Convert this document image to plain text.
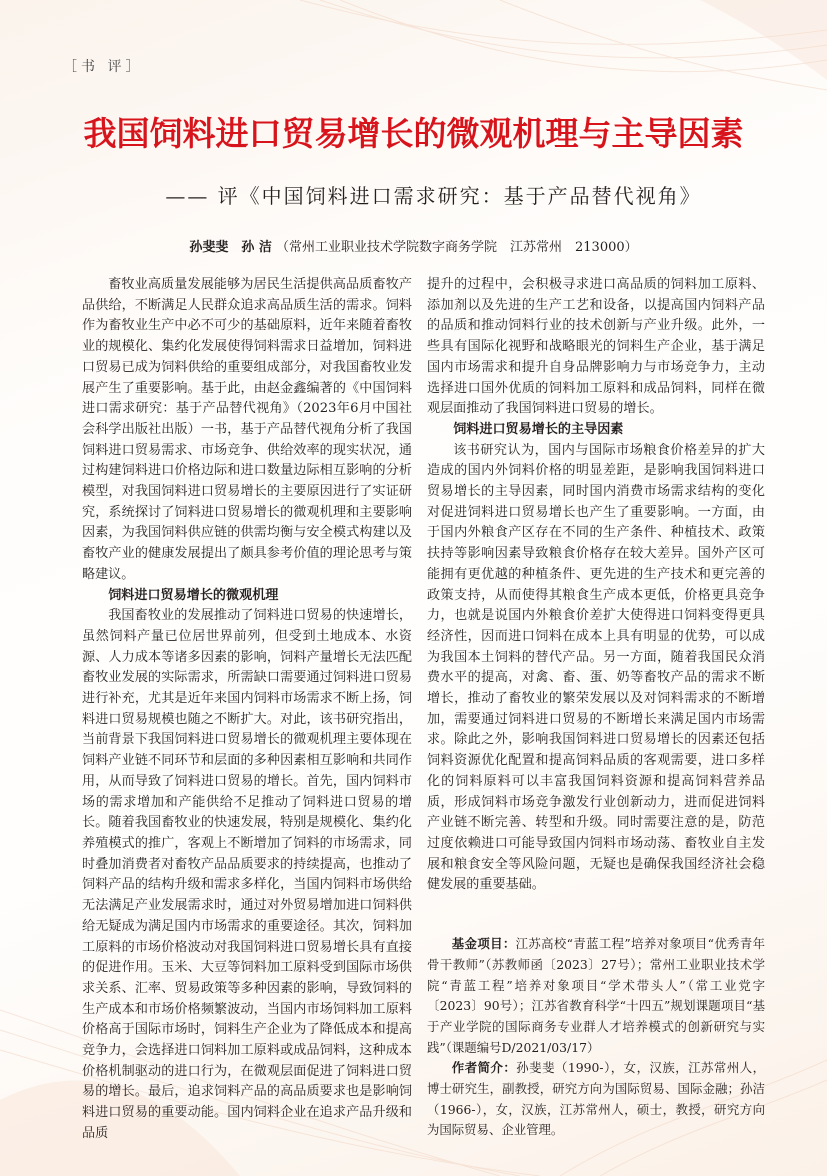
［书 评］
我国饲料进口贸易增长的微观机理与主导因素
—— 评《中国饲料进口需求研究：基于产品替代视角》
孙斐斐　孙 洁 （常州工业职业技术学院数字商务学院　江苏常州　213000）

畜牧业高质量发展能够为居民生活提供高品质畜牧产品供给，不断满足人民群众追求高品质生活的需求。饲料作为畜牧业生产中必不可少的基础原料，近年来随着畜牧业的规模化、集约化发展使得饲料需求日益增加，饲料进口贸易已成为饲料供给的重要组成部分，对我国畜牧业发展产生了重要影响。基于此，由赵金鑫编著的《中国饲料进口需求研究：基于产品替代视角》（2023年6月中国社会科学出版社出版）一书，基于产品替代视角分析了我国饲料进口贸易需求、市场竞争、供给效率的现实状况，通过构建饲料进口价格边际和进口数量边际相互影响的分析模型，对我国饲料进口贸易增长的主要原因进行了实证研究，系统探讨了饲料进口贸易增长的微观机理和主要影响因素，为我国饲料供应链的供需均衡与安全模式构建以及畜牧产业的健康发展提出了颇具参考价值的理论思考与策略建议。

饲料进口贸易增长的微观机理

我国畜牧业的发展推动了饲料进口贸易的快速增长，虽然饲料产量已位居世界前列，但受到土地成本、水资源、人力成本等诸多因素的影响，饲料产量增长无法匹配畜牧业发展的实际需求，所需缺口需要通过饲料进口贸易进行补充，尤其是近年来国内饲料市场需求不断上扬，饲料进口贸易规模也随之不断扩大。对此，该书研究指出，当前背景下我国饲料进口贸易增长的微观机理主要体现在饲料产业链不同环节和层面的多种因素相互影响和共同作用，从而导致了饲料进口贸易的增长。首先，国内饲料市场的需求增加和产能供给不足推动了饲料进口贸易的增长。随着我国畜牧业的快速发展，特别是规模化、集约化养殖模式的推广，客观上不断增加了饲料的市场需求，同时叠加消费者对畜牧产品品质要求的持续提高，也推动了饲料产品的结构升级和需求多样化，当国内饲料市场供给无法满足产业发展需求时，通过对外贸易增加进口饲料供给无疑成为满足国内市场需求的重要途径。其次，饲料加工原料的市场价格波动对我国饲料进口贸易增长具有直接的促进作用。玉米、大豆等饲料加工原料受到国际市场供求关系、汇率、贸易政策等多种因素的影响，导致饲料的生产成本和市场价格频繁波动，当国内市场饲料加工原料价格高于国际市场时，饲料生产企业为了降低成本和提高竞争力，会选择进口饲料加工原料或成品饲料，这种成本价格机制驱动的进口行为，在微观层面促进了饲料进口贸易的增长。最后，追求饲料产品的高品质要求也是影响饲料进口贸易的重要动能。国内饲料企业在追求产品升级和品质

提升的过程中，会积极寻求进口高品质的饲料加工原料、添加剂以及先进的生产工艺和设备，以提高国内饲料产品的品质和推动饲料行业的技术创新与产业升级。此外，一些具有国际化视野和战略眼光的饲料生产企业，基于满足国内市场需求和提升自身品牌影响力与市场竞争力，主动选择进口国外优质的饲料加工原料和成品饲料，同样在微观层面推动了我国饲料进口贸易的增长。

饲料进口贸易增长的主导因素

该书研究认为，国内与国际市场粮食价格差异的扩大造成的国内外饲料价格的明显差距，是影响我国饲料进口贸易增长的主导因素，同时国内消费市场需求结构的变化对促进饲料进口贸易增长也产生了重要影响。一方面，由于国内外粮食产区存在不同的生产条件、种植技术、政策扶持等影响因素导致粮食价格存在较大差异。国外产区可能拥有更优越的种植条件、更先进的生产技术和更完善的政策支持，从而使得其粮食生产成本更低，价格更具竞争力，也就是说国内外粮食价差扩大使得进口饲料变得更具经济性，因而进口饲料在成本上具有明显的优势，可以成为我国本土饲料的替代产品。另一方面，随着我国民众消费水平的提高，对禽、畜、蛋、奶等畜牧产品的需求不断增长，推动了畜牧业的繁荣发展以及对饲料需求的不断增加，需要通过饲料进口贸易的不断增长来满足国内市场需求。除此之外，影响我国饲料进口贸易增长的因素还包括饲料资源优化配置和提高饲料品质的客观需要，进口多样化的饲料原料可以丰富我国饲料资源和提高饲料营养品质，形成饲料市场竞争激发行业创新动力，进而促进饲料产业链不断完善、转型和升级。同时需要注意的是，防范过度依赖进口可能导致国内饲料市场动荡、畜牧业自主发展和粮食安全等风险问题，无疑也是确保我国经济社会稳健发展的重要基础。

基金项目：江苏高校“青蓝工程”培养对象项目“优秀青年骨干教师”（苏教师函〔2023〕27号）；常州工业职业技术学院“青蓝工程”培养对象项目“学术带头人”（常工业党字〔2023〕90号）；江苏省教育科学“十四五”规划课题项目“基于产业学院的国际商务专业群人才培养模式的创新研究与实践”（课题编号D/2021/03/17）

作者简介：孙斐斐（1990-），女，汉族，江苏常州人，博士研究生，副教授，研究方向为国际贸易、国际金融；孙洁（1966-），女，汉族，江苏常州人，硕士，教授，研究方向为国际贸易、企业管理。
